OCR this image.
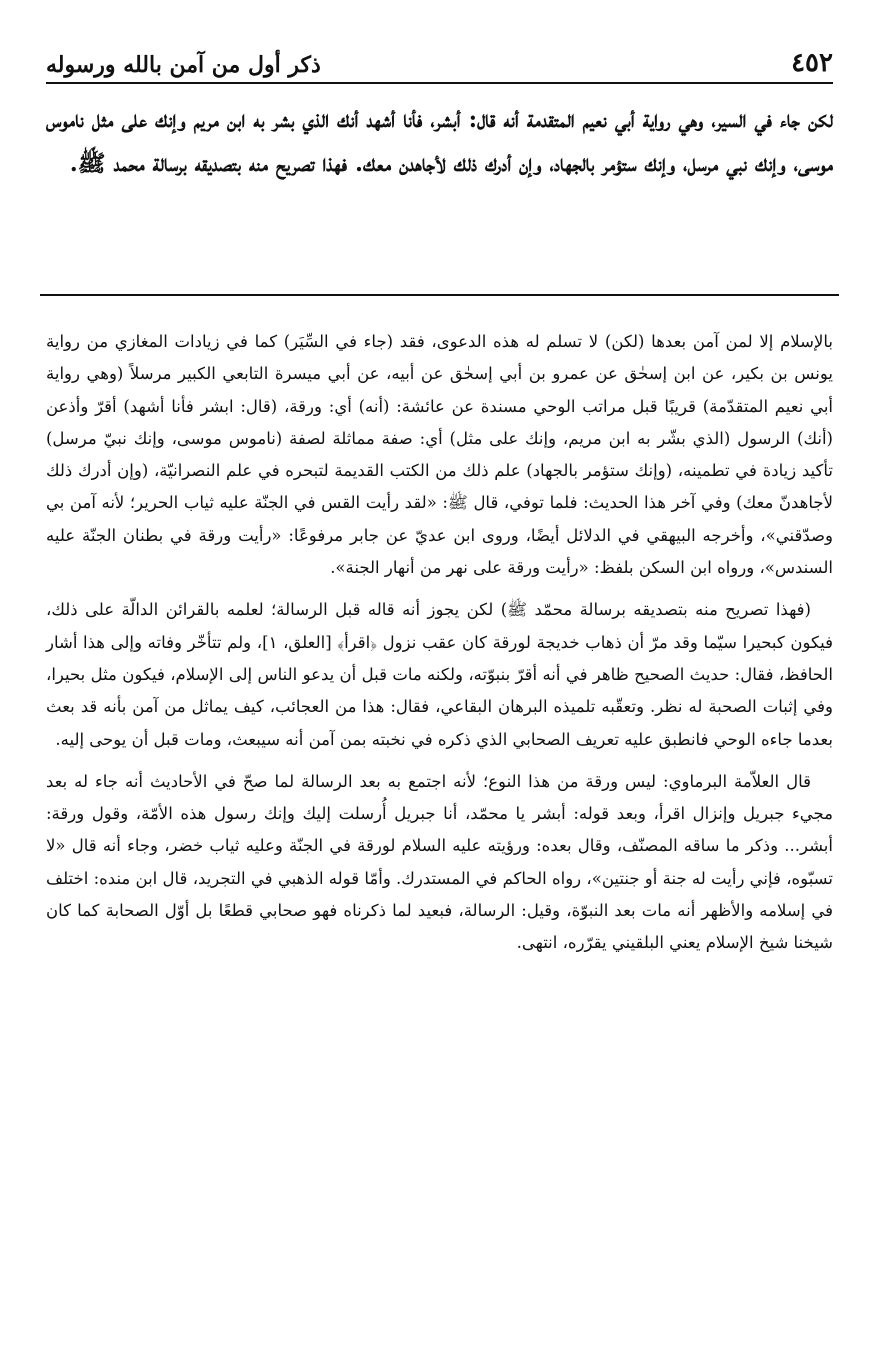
٤٥٢
ذكر أول من آمن بالله ورسوله
لكن جاء في السير، وهي رواية أبي نعيم المتقدمة أنه قال: أبشر، فأنا أشهد أنك الذي بشر به ابن مريم وإنك على مثل ناموس موسى، وإنك نبي مرسل، وإنك ستؤمر بالجهاد، وإن أدرك ذلك لأجاهدن معك. فهذا تصريح منه بتصديقه برسالة محمد ﷺ.

بالإسلام إلا لمن آمن بعدها (لكن) لا تسلم له هذه الدعوى، فقد (جاء في السِّيَر) كما في زيادات المغازي من رواية يونس بن بكير، عن ابن إسحٰق عن عمرو بن أبي إسحٰق عن أبيه، عن أبي ميسرة التابعي الكبير مرسلاً (وهي رواية أبي نعيم المتقدّمة) قريبًا قبل مراتب الوحي مسندة عن عائشة: (أنه) أي: ورقة، (قال: ابشر فأنا أشهد) أقرّ وأذعن (أنك) الرسول (الذي بشّر به ابن مريم، وإنك على مثل) أي: صفة مماثلة لصفة (ناموس موسى، وإنك نبيّ مرسل) تأكيد زيادة في تطمينه، (وإنك ستؤمر بالجهاد) علم ذلك من الكتب القديمة لتبحره في علم النصرانيّة، (وإن أدرك ذلك لأجاهدنّ معك) وفي آخر هذا الحديث: فلما توفي، قال ﷺ: «لقد رأيت القس في الجنّة عليه ثياب الحرير؛ لأنه آمن بي وصدّقني»، وأخرجه البيهقي في الدلائل أيضًا، وروى ابن عديّ عن جابر مرفوعًا: «رأيت ورقة في بطنان الجنّة عليه السندس»، ورواه ابن السكن بلفظ: «رأيت ورقة على نهر من أنهار الجنة».

(فهذا تصريح منه بتصديقه برسالة محمّد ﷺ) لكن يجوز أنه قاله قبل الرسالة؛ لعلمه بالقرائن الدالّة على ذلك، فيكون كبحيرا سيّما وقد مرّ أن ذهاب خديجة لورقة كان عقب نزول ﴿اقرأ﴾ [العلق، ١]، ولم تتأخّر وفاته وإلى هذا أشار الحافظ، فقال: حديث الصحيح ظاهر في أنه أقرّ بنبوّته، ولكنه مات قبل أن يدعو الناس إلى الإسلام، فيكون مثل بحيرا، وفي إثبات الصحبة له نظر. وتعقّبه تلميذه البرهان البقاعي، فقال: هذا من العجائب، كيف يماثل من آمن بأنه قد بعث بعدما جاءه الوحي فانطبق عليه تعريف الصحابي الذي ذكره في نخبته بمن آمن أنه سيبعث، ومات قبل أن يوحى إليه.

قال العلاّمة البرماوي: ليس ورقة من هذا النوع؛ لأنه اجتمع به بعد الرسالة لما صحّ في الأحاديث أنه جاء له بعد مجيء جبريل وإنزال اقرأ، وبعد قوله: أبشر يا محمّد، أنا جبريل أُرسلت إليك وإنك رسول هذه الأمّة، وقول ورقة: أبشر... وذكر ما ساقه المصنّف، وقال بعده: ورؤيته عليه السلام لورقة في الجنّة وعليه ثياب خضر، وجاء أنه قال «لا تسبّوه، فإني رأيت له جنة أو جنتين»، رواه الحاكم في المستدرك. وأمّا قوله الذهبي في التجريد، قال ابن منده: اختلف في إسلامه والأظهر أنه مات بعد النبوّة، وقيل: الرسالة، فبعيد لما ذكرناه فهو صحابي قطعًا بل أوّل الصحابة كما كان شيخنا شيخ الإسلام يعني البلقيني يقرّره، انتهى.
